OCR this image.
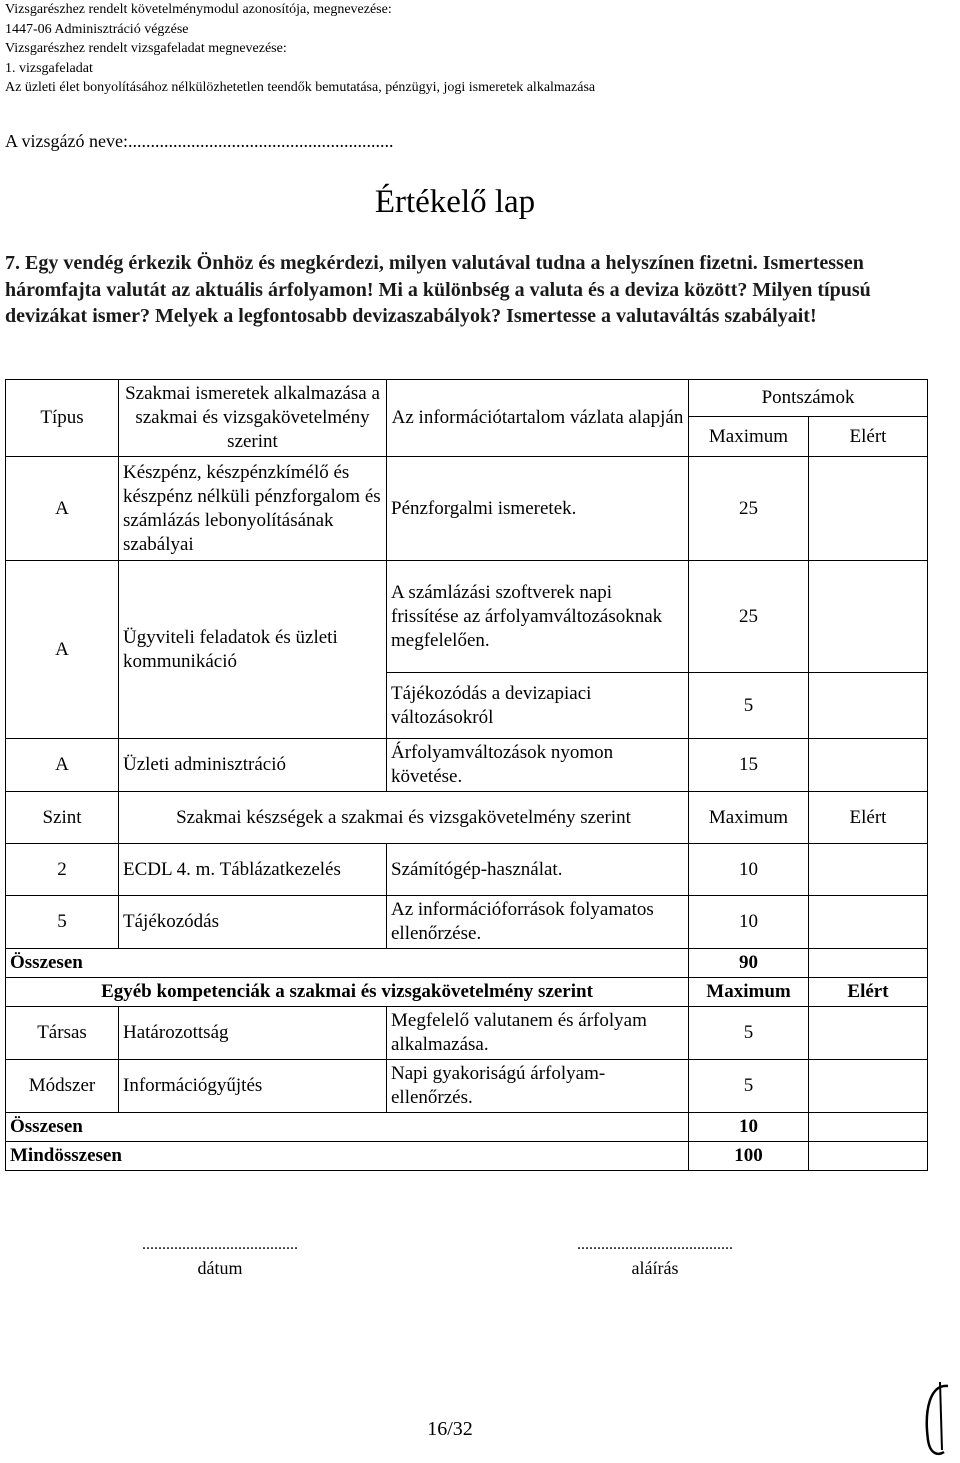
Vizsgarészhez rendelt követelménymodul azonosítója, megnevezése:
1447-06 Adminisztráció végzése
Vizsgarészhez rendelt vizsgafeladat megnevezése:
1. vizsgafeladat
Az üzleti élet bonyolításához nélkülözhetetlen teendők bemutatása, pénzügyi, jogi ismeretek alkalmazása
A vizsgázó neve:...........................................................
Értékelő lap
7. Egy vendég érkezik Önhöz és megkérdezi, milyen valutával tudna a helyszínen fizetni. Ismertessen háromfajta valutát az aktuális árfolyamon! Mi a különbség a valuta és a deviza között? Milyen típusú devizákat ismer? Melyek a legfontosabb devizaszabályok? Ismertesse a valutaváltás szabályait!
Típus	Szakmai ismeretek alkalmazása a szakmai és vizsgakövetelmény szerint	Az információtartalom vázlata alapján	Pontszámok	
			Maximum	Elért
A	Készpénz, készpénzkímélő és készpénz nélküli pénzforgalom és számlázás lebonyolításának szabályai	Pénzforgalmi ismeretek.	25	
A	Ügyviteli feladatok és üzleti kommunikáció	A számlázási szoftverek napi frissítése az árfolyamváltozásoknak megfelelően.	25	
		Tájékozódás a devizapiaci változásokról	5	
A	Üzleti adminisztráció	Árfolyamváltozások nyomon követése.	15	
Szint	Szakmai készségek a szakmai és vizsgakövetelmény szerint		Maximum	Elért
2	ECDL 4. m. Táblázatkezelés	Számítógép-használat.	10	
5	Tájékozódás	Az információforrások folyamatos ellenőrzése.	10	
Összesen			90	
Egyéb kompetenciák a szakmai és vizsgakövetelmény szerint			Maximum	Elért
Társas	Határozottság	Megfelelő valutanem és árfolyam alkalmazása.	5	
Módszer	Információgyűjtés	Napi gyakoriságú árfolyam-ellenőrzés.	5	
Összesen			10	
Mindösszesen			100	
.......................................
dátum
.......................................
aláírás
16/32
